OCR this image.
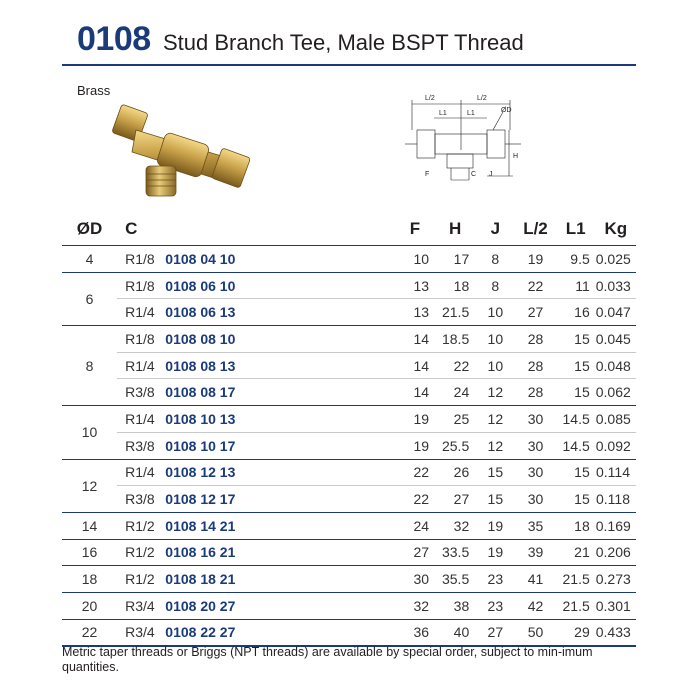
0108 Stud Branch Tee, Male BSPT Thread
Brass
L/2	L/2
L1	L1	ØD
H
F	C J
ØD	C		F	H	J	L/2	L1	Kg
4	R1/8	0108 04 10	10	17	8	19	9.5	0.025
6	R1/8	0108 06 10	13	18	8	22	11	0.033
	R1/4	0108 06 13	13	21.5	10	27	16	0.047
8	R1/8	0108 08 10	14	18.5	10	28	15	0.045
	R1/4	0108 08 13	14	22	10	28	15	0.048
	R3/8	0108 08 17	14	24	12	28	15	0.062
10	R1/4	0108 10 13	19	25	12	30	14.5	0.085
	R3/8	0108 10 17	19	25.5	12	30	14.5	0.092
12	R1/4	0108 12 13	22	26	15	30	15	0.114
	R3/8	0108 12 17	22	27	15	30	15	0.118
14	R1/2	0108 14 21	24	32	19	35	18	0.169
16	R1/2	0108 16 21	27	33.5	19	39	21	0.206
18	R1/2	0108 18 21	30	35.5	23	41	21.5	0.273
20	R3/4	0108 20 27	32	38	23	42	21.5	0.301
22	R3/4	0108 22 27	36	40	27	50	29	0.433
Metric taper threads or Briggs (NPT threads) are available by special order, subject to min-imum quantities.
